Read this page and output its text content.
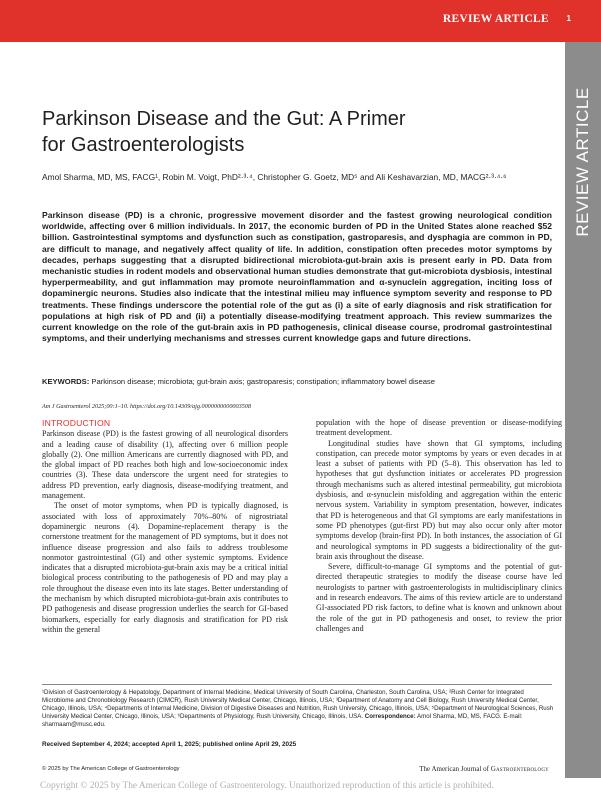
REVIEW ARTICLE 1
REVIEW ARTICLE
Parkinson Disease and the Gut: A Primer
for Gastroenterologists
Amol Sharma, MD, MS, FACG¹, Robin M. Voigt, PhD²·³·⁴, Christopher G. Goetz, MD⁵ and Ali Keshavarzian, MD, MACG²·³·⁴·⁶
Parkinson disease (PD) is a chronic, progressive movement disorder and the fastest growing neurological condition worldwide, affecting over 6 million individuals. In 2017, the economic burden of PD in the United States alone reached $52 billion. Gastrointestinal symptoms and dysfunction such as constipation, gastroparesis, and dysphagia are common in PD, are difficult to manage, and negatively affect quality of life. In addition, constipation often precedes motor symptoms by decades, perhaps suggesting that a disrupted bidirectional microbiota-gut-brain axis is present early in PD. Data from mechanistic studies in rodent models and observational human studies demonstrate that gut-microbiota dysbiosis, intestinal hyperpermeability, and gut inflammation may promote neuroinflammation and α-synuclein aggregation, inciting loss of dopaminergic neurons. Studies also indicate that the intestinal milieu may influence symptom severity and response to PD treatments. These findings underscore the potential role of the gut as (i) a site of early diagnosis and risk stratification for populations at high risk of PD and (ii) a potentially disease-modifying treatment approach. This review summarizes the current knowledge on the role of the gut-brain axis in PD pathogenesis, clinical disease course, prodromal gastrointestinal symptoms, and their underlying mechanisms and stresses current knowledge gaps and future directions.
KEYWORDS: Parkinson disease; microbiota; gut-brain axis; gastroparesis; constipation; inflammatory bowel disease
Am J Gastroenterol 2025;00:1–10. https://doi.org/10.14309/ajg.0000000000003508
INTRODUCTION

Parkinson disease (PD) is the fastest growing of all neurological disorders and a leading cause of disability (1), affecting over 6 million people globally (2). One million Americans are currently diagnosed with PD, and the global impact of PD reaches both high and low-socioeconomic index countries (3). These data underscore the urgent need for strategies to address PD prevention, early diagnosis, disease-modifying treatment, and management.

The onset of motor symptoms, when PD is typically diagnosed, is associated with loss of approximately 70%–80% of nigrostriatal dopaminergic neurons (4). Dopamine-replacement therapy is the cornerstone treatment for the management of PD symptoms, but it does not influence disease progression and also fails to address troublesome nonmotor gastrointestinal (GI) and other systemic symptoms. Evidence indicates that a disrupted microbiota-gut-brain axis may be a critical initial biological process contributing to the pathogenesis of PD and may play a role throughout the disease even into its late stages. Better understanding of the mechanism by which disrupted microbiota-gut-brain axis contributes to PD pathogenesis and disease progression underlies the search for GI-based biomarkers, especially for early diagnosis and stratification for PD risk within the general

population with the hope of disease prevention or disease-modifying treatment development.

Longitudinal studies have shown that GI symptoms, including constipation, can precede motor symptoms by years or even decades in at least a subset of patients with PD (5–8). This observation has led to hypotheses that gut dysfunction initiates or accelerates PD progression through mechanisms such as altered intestinal permeability, gut microbiota dysbiosis, and α-synuclein misfolding and aggregation within the enteric nervous system. Variability in symptom presentation, however, indicates that PD is heterogeneous and that GI symptoms are early manifestations in some PD phenotypes (gut-first PD) but may also occur only after motor symptoms develop (brain-first PD). In both instances, the association of GI and neurological symptoms in PD suggests a bidirectionality of the gut-brain axis throughout the disease.

Severe, difficult-to-manage GI symptoms and the potential of gut-directed therapeutic strategies to modify the disease course have led neurologists to partner with gastroenterologists in multidisciplinary clinics and in research endeavors. The aims of this review article are to understand GI-associated PD risk factors, to define what is known and unknown about the role of the gut in PD pathogenesis and onset, to review the prior challenges and

¹Division of Gastroenterology & Hepatology, Department of Internal Medicine, Medical University of South Carolina, Charleston, South Carolina, USA; ²Rush Center for Integrated Microbiome and Chronobiology Research (CIMCR), Rush University Medical Center, Chicago, Illinois, USA; ³Department of Anatomy and Cell Biology, Rush University Medical Center, Chicago, Illinois, USA; ⁴Departments of Internal Medicine, Division of Digestive Diseases and Nutrition, Rush University, Chicago, Illinois, USA; ⁵Department of Neurological Sciences, Rush University Medical Center, Chicago, Illinois, USA; ⁶Departments of Physiology, Rush University, Chicago, Illinois, USA. Correspondence: Amol Sharma, MD, MS, FACG. E-mail: sharmaam@musc.edu.
Received September 4, 2024; accepted April 1, 2025; published online April 29, 2025
© 2025 by The American College of Gastroenterology	The American Journal of Gastroenterology
Copyright © 2025 by The American College of Gastroenterology. Unauthorized reproduction of this article is prohibited.
